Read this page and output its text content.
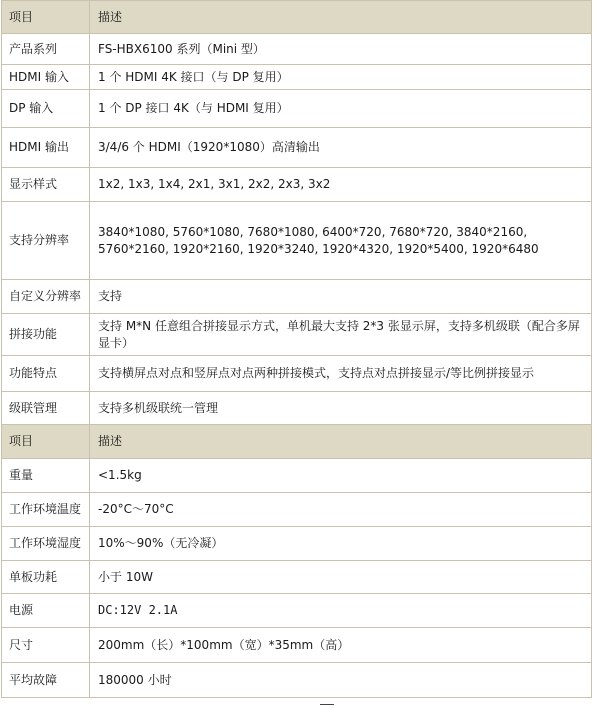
项目	描述
产品系列	FS-HBX6100 系列（Mini 型）
HDMI 输入	1 个 HDMI 4K 接口（与 DP 复用）
DP 输入	1 个 DP 接口 4K（与 HDMI 复用）
HDMI 输出	3/4/6 个 HDMI（1920*1080）高清输出
显示样式	1x2, 1x3, 1x4, 2x1, 3x1, 2x2, 2x3, 3x2
支持分辨率	3840*1080, 5760*1080, 7680*1080, 6400*720, 7680*720, 3840*2160, 5760*2160, 1920*2160, 1920*3240, 1920*4320, 1920*5400, 1920*6480
自定义分辨率	支持
拼接功能	支持 M*N 任意组合拼接显示方式，单机最大支持 2*3 张显示屏，支持多机级联（配合多屏显卡）
功能特点	支持横屏点对点和竖屏点对点两种拼接模式，支持点对点拼接显示/等比例拼接显示
级联管理	支持多机级联统一管理
项目	描述
重量	<1.5kg
工作环境温度	-20°C～70°C
工作环境湿度	10%～90%（无冷凝）
单板功耗	小于 10W
电源	DC:12V 2.1A
尺寸	200mm（长）*100mm（宽）*35mm（高）
平均故障	180000 小时
